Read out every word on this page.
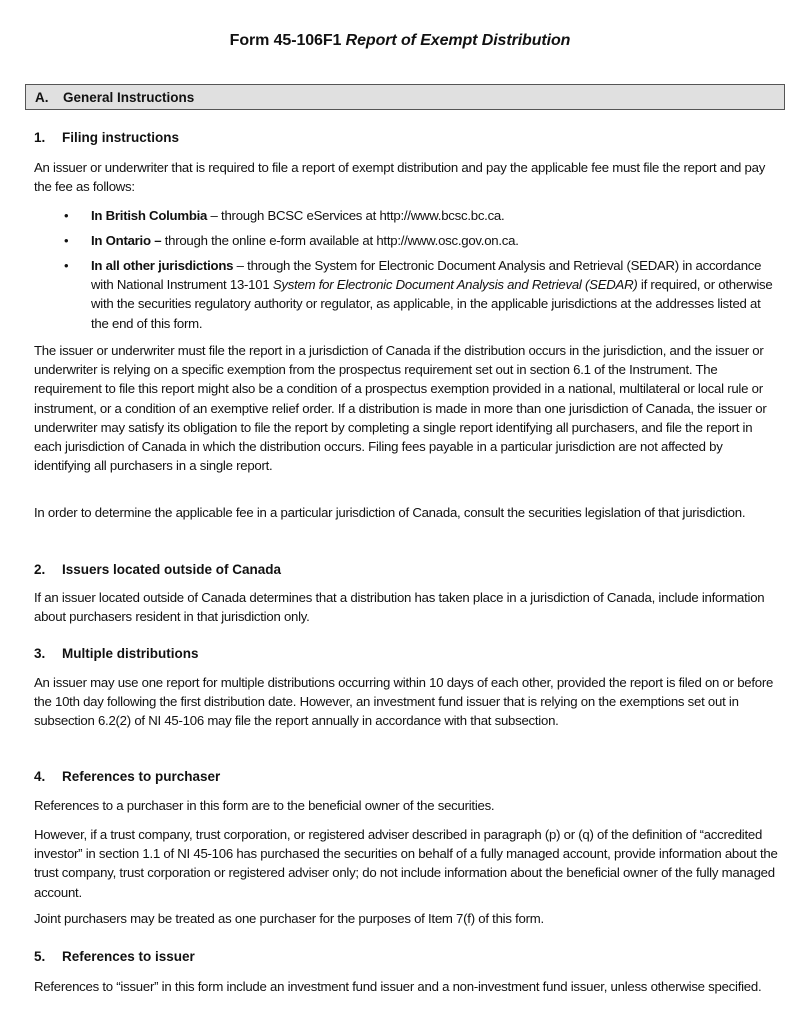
Form 45-106F1 Report of Exempt Distribution
A. General Instructions
1. Filing instructions
An issuer or underwriter that is required to file a report of exempt distribution and pay the applicable fee must file the report and pay the fee as follows:
• In British Columbia – through BCSC eServices at http://www.bcsc.bc.ca.
• In Ontario – through the online e-form available at http://www.osc.gov.on.ca.
• In all other jurisdictions – through the System for Electronic Document Analysis and Retrieval (SEDAR) in accordance with National Instrument 13-101 System for Electronic Document Analysis and Retrieval (SEDAR) if required, or otherwise with the securities regulatory authority or regulator, as applicable, in the applicable jurisdictions at the addresses listed at the end of this form.
The issuer or underwriter must file the report in a jurisdiction of Canada if the distribution occurs in the jurisdiction, and the issuer or underwriter is relying on a specific exemption from the prospectus requirement set out in section 6.1 of the Instrument. The requirement to file this report might also be a condition of a prospectus exemption provided in a national, multilateral or local rule or instrument, or a condition of an exemptive relief order. If a distribution is made in more than one jurisdiction of Canada, the issuer or underwriter may satisfy its obligation to file the report by completing a single report identifying all purchasers, and file the report in each jurisdiction of Canada in which the distribution occurs. Filing fees payable in a particular jurisdiction are not affected by identifying all purchasers in a single report.
In order to determine the applicable fee in a particular jurisdiction of Canada, consult the securities legislation of that jurisdiction.
2. Issuers located outside of Canada
If an issuer located outside of Canada determines that a distribution has taken place in a jurisdiction of Canada, include information about purchasers resident in that jurisdiction only.
3. Multiple distributions
An issuer may use one report for multiple distributions occurring within 10 days of each other, provided the report is filed on or before the 10th day following the first distribution date. However, an investment fund issuer that is relying on the exemptions set out in subsection 6.2(2) of NI 45-106 may file the report annually in accordance with that subsection.
4. References to purchaser
References to a purchaser in this form are to the beneficial owner of the securities.
However, if a trust company, trust corporation, or registered adviser described in paragraph (p) or (q) of the definition of “accredited investor” in section 1.1 of NI 45-106 has purchased the securities on behalf of a fully managed account, provide information about the trust company, trust corporation or registered adviser only; do not include information about the beneficial owner of the fully managed account.
Joint purchasers may be treated as one purchaser for the purposes of Item 7(f) of this form.
5. References to issuer
References to “issuer” in this form include an investment fund issuer and a non-investment fund issuer, unless otherwise specified.
